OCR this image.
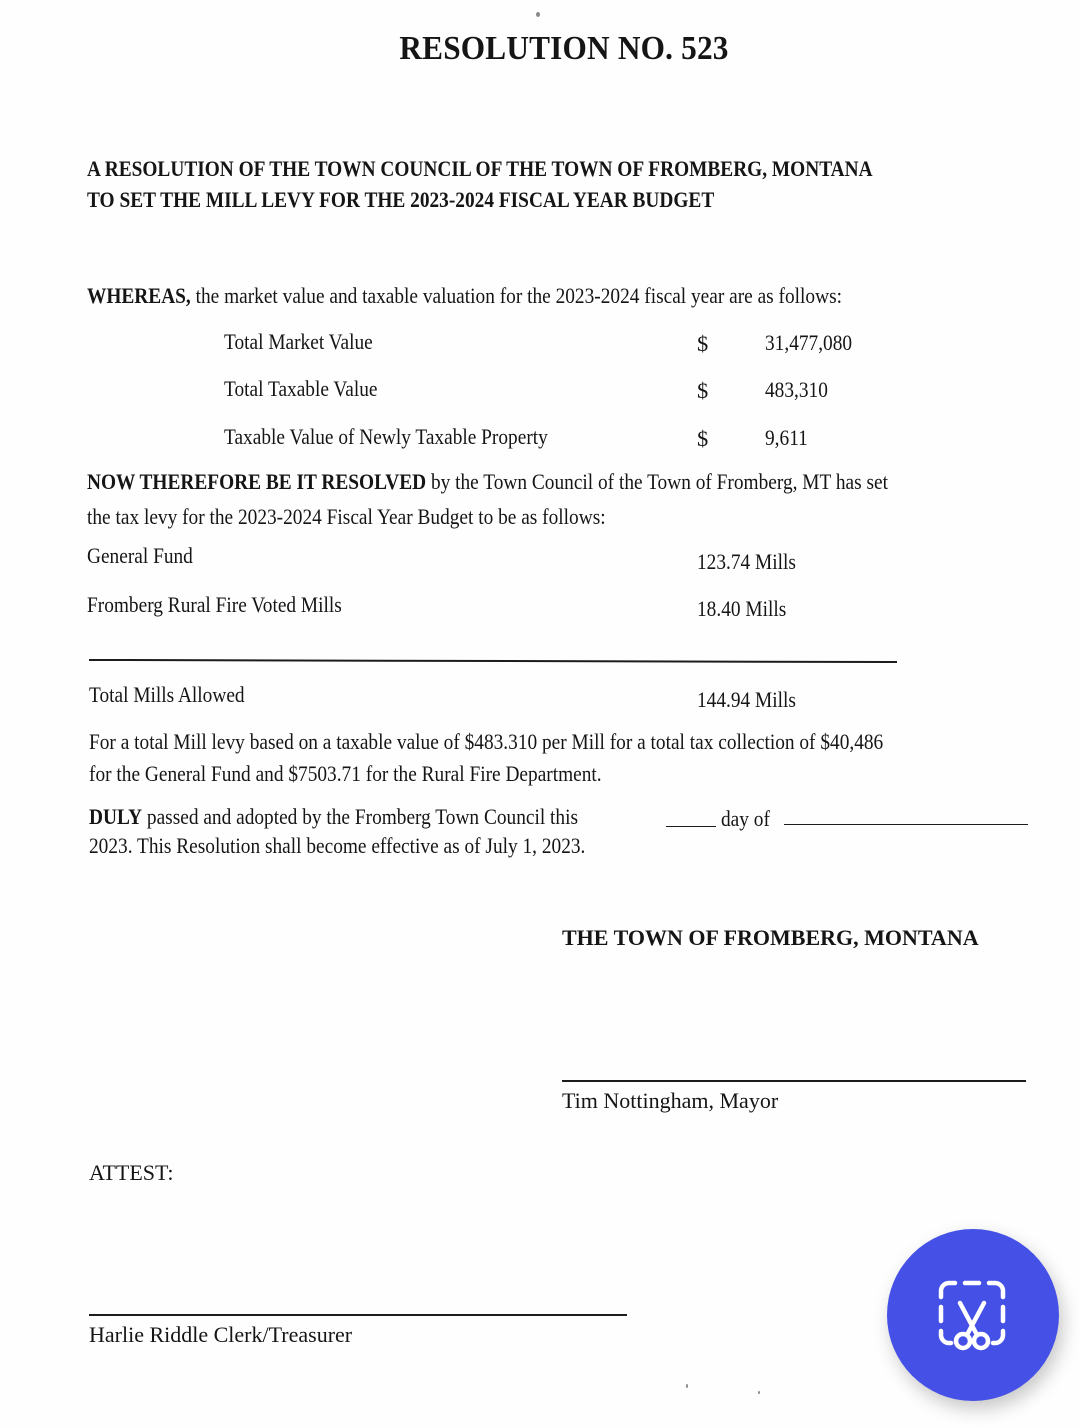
RESOLUTION NO. 523
A RESOLUTION OF THE TOWN COUNCIL OF THE TOWN OF FROMBERG, MONTANA
TO SET THE MILL LEVY FOR THE 2023-2024 FISCAL YEAR BUDGET
WHEREAS, the market value and taxable valuation for the 2023-2024 fiscal year are as follows:
Total Market Value	$	31,477,080
Total Taxable Value	$	483,310
Taxable Value of Newly Taxable Property	$	9,611
NOW THEREFORE BE IT RESOLVED by the Town Council of the Town of Fromberg, MT has set
the tax levy for the 2023-2024 Fiscal Year Budget to be as follows:
General Fund	123.74 Mills
Fromberg Rural Fire Voted Mills	18.40 Mills
Total Mills Allowed	144.94 Mills
For a total Mill levy based on a taxable value of $483.310 per Mill for a total tax collection of $40,486
for the General Fund and $7503.71 for the Rural Fire Department.
DULY passed and adopted by the Fromberg Town Council this	day of
2023. This Resolution shall become effective as of July 1, 2023.
THE TOWN OF FROMBERG, MONTANA
Tim Nottingham, Mayor
ATTEST:
Harlie Riddle Clerk/Treasurer
